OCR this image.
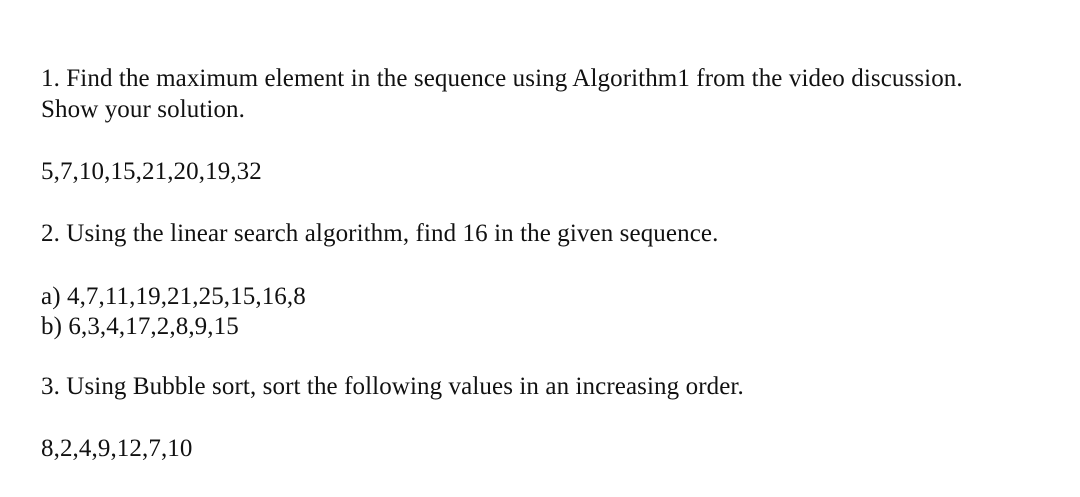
1. Find the maximum element in the sequence using Algorithm1 from the video discussion.
Show your solution.
5,7,10,15,21,20,19,32
2. Using the linear search algorithm, find 16 in the given sequence.
a) 4,7,11,19,21,25,15,16,8
b) 6,3,4,17,2,8,9,15
3. Using Bubble sort, sort the following values in an increasing order.
8,2,4,9,12,7,10
